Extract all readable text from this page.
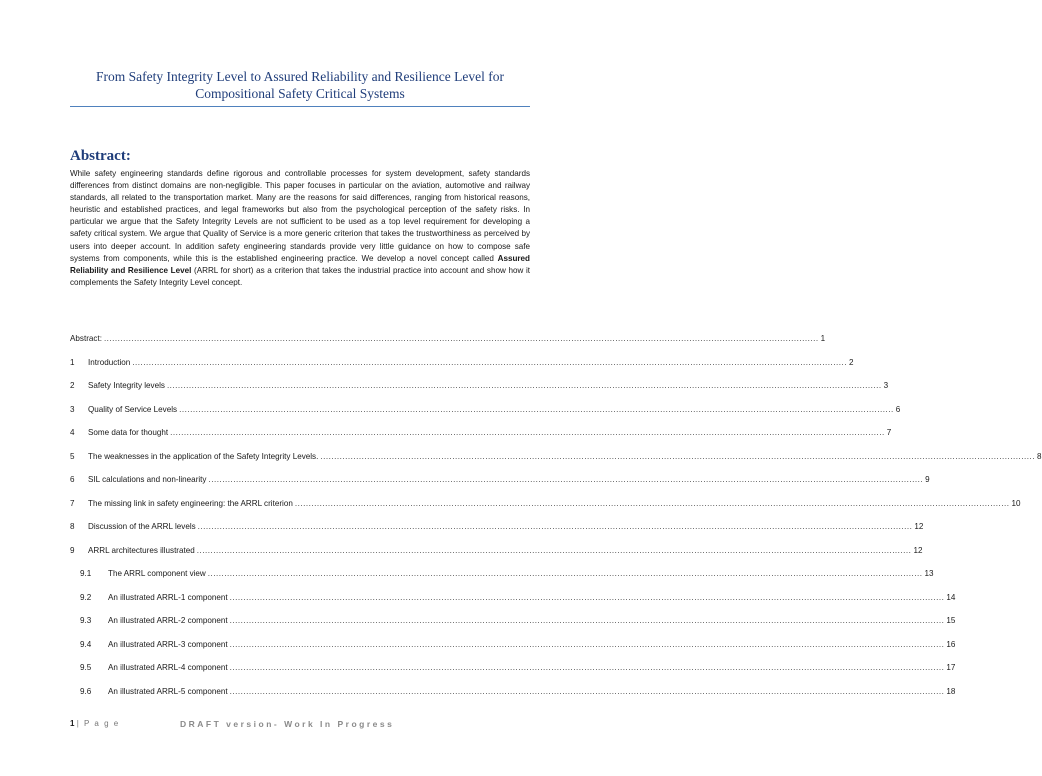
From Safety Integrity Level to Assured Reliability and Resilience Level for
Compositional Safety Critical Systems
Abstract:
While safety engineering standards define rigorous and controllable processes for system development, safety standards differences from distinct domains are non-negligible. This paper focuses in particular on the aviation, automotive and railway standards, all related to the transportation market. Many are the reasons for said differences, ranging from historical reasons, heuristic and established practices, and legal frameworks but also from the psychological perception of the safety risks. In particular we argue that the Safety Integrity Levels are not sufficient to be used as a top level requirement for developing a safety critical system. We argue that Quality of Service is a more generic criterion that takes the trustworthiness as perceived by users into deeper account. In addition safety engineering standards provide very little guidance on how to compose safe systems from components, while this is the established engineering practice. We develop a novel concept called Assured Reliability and Resilience Level (ARRL for short) as a criterion that takes the industrial practice into account and show how it complements the Safety Integrity Level concept.
Abstract: .................................................................................................................................................................................................................................................................... 1
1	Introduction .................................................................................................................................................................................................................................................................... 2
2	Safety Integrity levels .................................................................................................................................................................................................................................................................... 3
3	Quality of Service Levels .................................................................................................................................................................................................................................................................... 6
4	Some data for thought .................................................................................................................................................................................................................................................................... 7
5	The weaknesses in the application of the Safety Integrity Levels. .................................................................................................................................................................................................................................................................... 8
6	SIL calculations and non-linearity .................................................................................................................................................................................................................................................................... 9
7	The missing link in safety engineering: the ARRL criterion .................................................................................................................................................................................................................................................................... 10
8	Discussion of the ARRL levels .................................................................................................................................................................................................................................................................... 12
9	ARRL architectures illustrated .................................................................................................................................................................................................................................................................... 12
9.1	The ARRL component view .................................................................................................................................................................................................................................................................... 13
9.2	An illustrated ARRL-1 component .................................................................................................................................................................................................................................................................... 14
9.3	An illustrated ARRL-2 component .................................................................................................................................................................................................................................................................... 15
9.4	An illustrated ARRL-3 component .................................................................................................................................................................................................................................................................... 16
9.5	An illustrated ARRL-4 component .................................................................................................................................................................................................................................................................... 17
9.6	An illustrated ARRL-5 component .................................................................................................................................................................................................................................................................... 18
1 | P a g e	DRAFT version- Work In Progress
